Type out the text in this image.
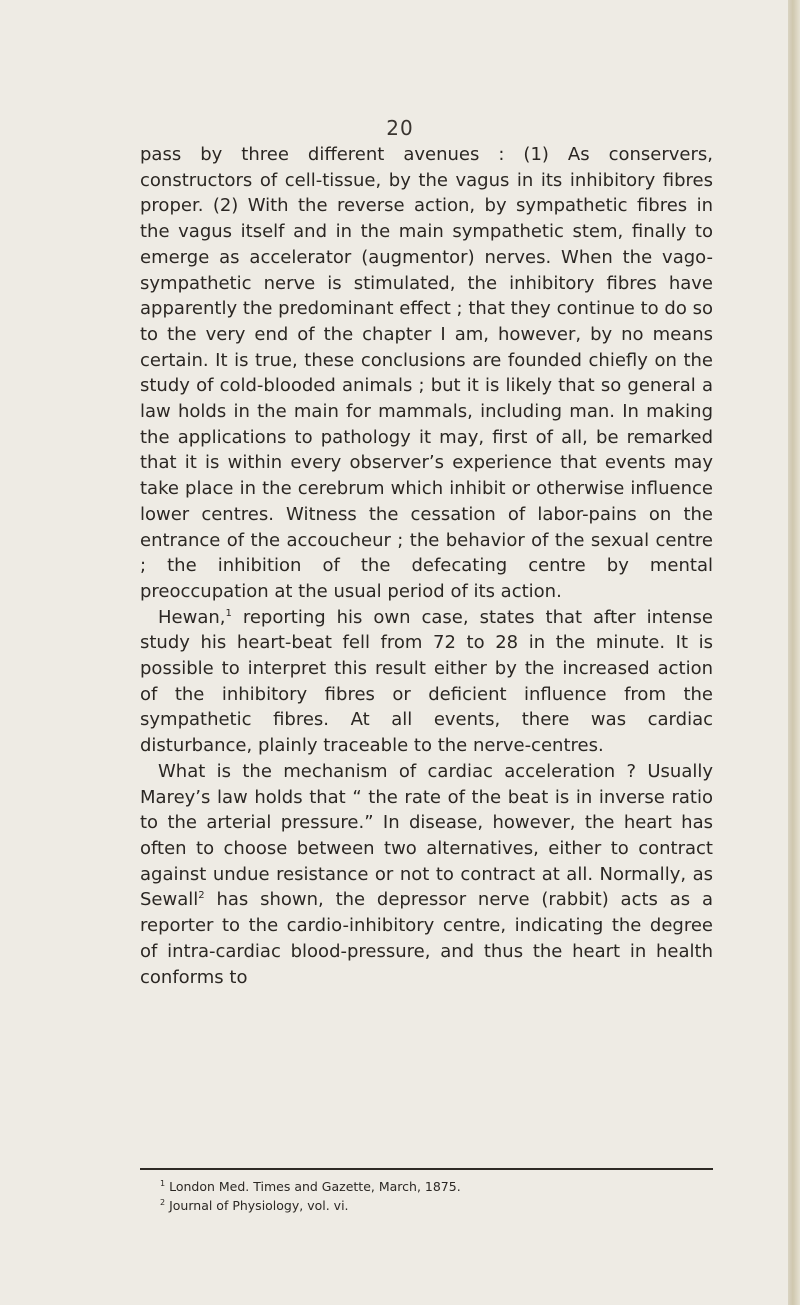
20

pass by three different avenues : (1) As conservers, constructors of cell-tissue, by the vagus in its inhibitory fibres proper. (2) With the reverse action, by sympathetic fibres in the vagus itself and in the main sympathetic stem, finally to emerge as accelerator (augmentor) nerves. When the vago-sympathetic nerve is stimulated, the inhibitory fibres have apparently the predominant effect ; that they continue to do so to the very end of the chapter I am, however, by no means certain. It is true, these conclusions are founded chiefly on the study of cold-blooded animals ; but it is likely that so general a law holds in the main for mammals, including man. In making the applications to pathology it may, first of all, be remarked that it is within every observer’s experience that events may take place in the cerebrum which inhibit or otherwise influence lower centres. Witness the cessation of labor-pains on the entrance of the accoucheur ; the behavior of the sexual centre ; the inhibition of the defecating centre by mental preoccupation at the usual period of its action.

Hewan,$^1$ reporting his own case, states that after intense study his heart-beat fell from 72 to 28 in the minute. It is possible to interpret this result either by the increased action of the inhibitory fibres or deficient influence from the sympathetic fibres. At all events, there was cardiac disturbance, plainly traceable to the nerve-centres.

What is the mechanism of cardiac acceleration ? Usually Marey’s law holds that “ the rate of the beat is in inverse ratio to the arterial pressure.” In disease, however, the heart has often to choose between two alternatives, either to contract against undue resistance or not to contract at all. Normally, as Sewall$^2$ has shown, the depressor nerve (rabbit) acts as a reporter to the cardio-inhibitory centre, indicating the degree of intra-cardiac blood-pressure, and thus the heart in health conforms to

$^1$ London Med. Times and Gazette, March, 1875.
$^2$ Journal of Physiology, vol. vi.
